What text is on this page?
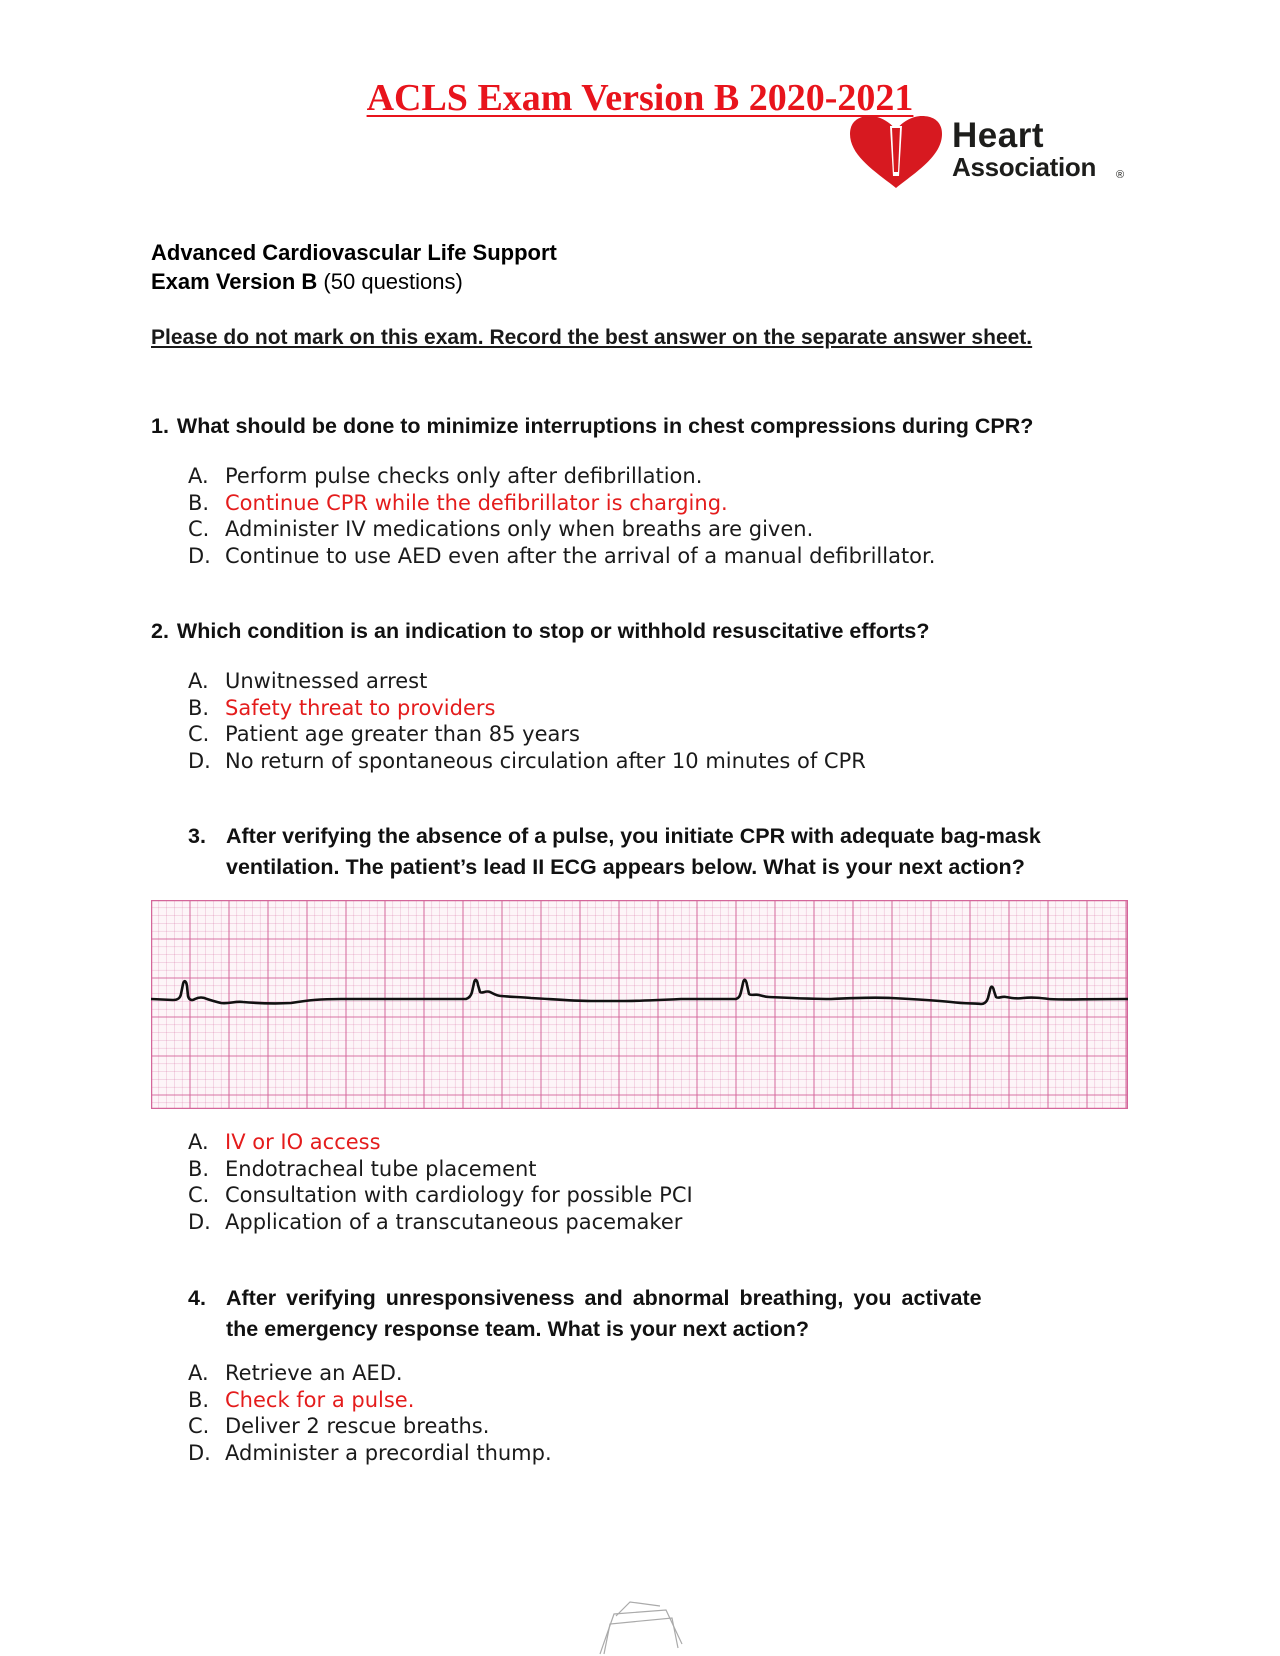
ACLS Exam Version B 2020-2021
Heart
Association ®
Advanced Cardiovascular Life Support
Exam Version B (50 questions)
Please do not mark on this exam. Record the best answer on the separate answer sheet.
1. What should be done to minimize interruptions in chest compressions during CPR?
A. Perform pulse checks only after defibrillation.
B. Continue CPR while the defibrillator is charging.
C. Administer IV medications only when breaths are given.
D. Continue to use AED even after the arrival of a manual defibrillator.
2. Which condition is an indication to stop or withhold resuscitative efforts?
A. Unwitnessed arrest
B. Safety threat to providers
C. Patient age greater than 85 years
D. No return of spontaneous circulation after 10 minutes of CPR
3. After verifying the absence of a pulse, you initiate CPR with adequate bag-mask
ventilation. The patient’s lead II ECG appears below. What is your next action?
A. IV or IO access
B. Endotracheal tube placement
C. Consultation with cardiology for possible PCI
D. Application of a transcutaneous pacemaker
4. After verifying unresponsiveness and abnormal breathing, you activate
the emergency response team. What is your next action?
A. Retrieve an AED.
B. Check for a pulse.
C. Deliver 2 rescue breaths.
D. Administer a precordial thump.
